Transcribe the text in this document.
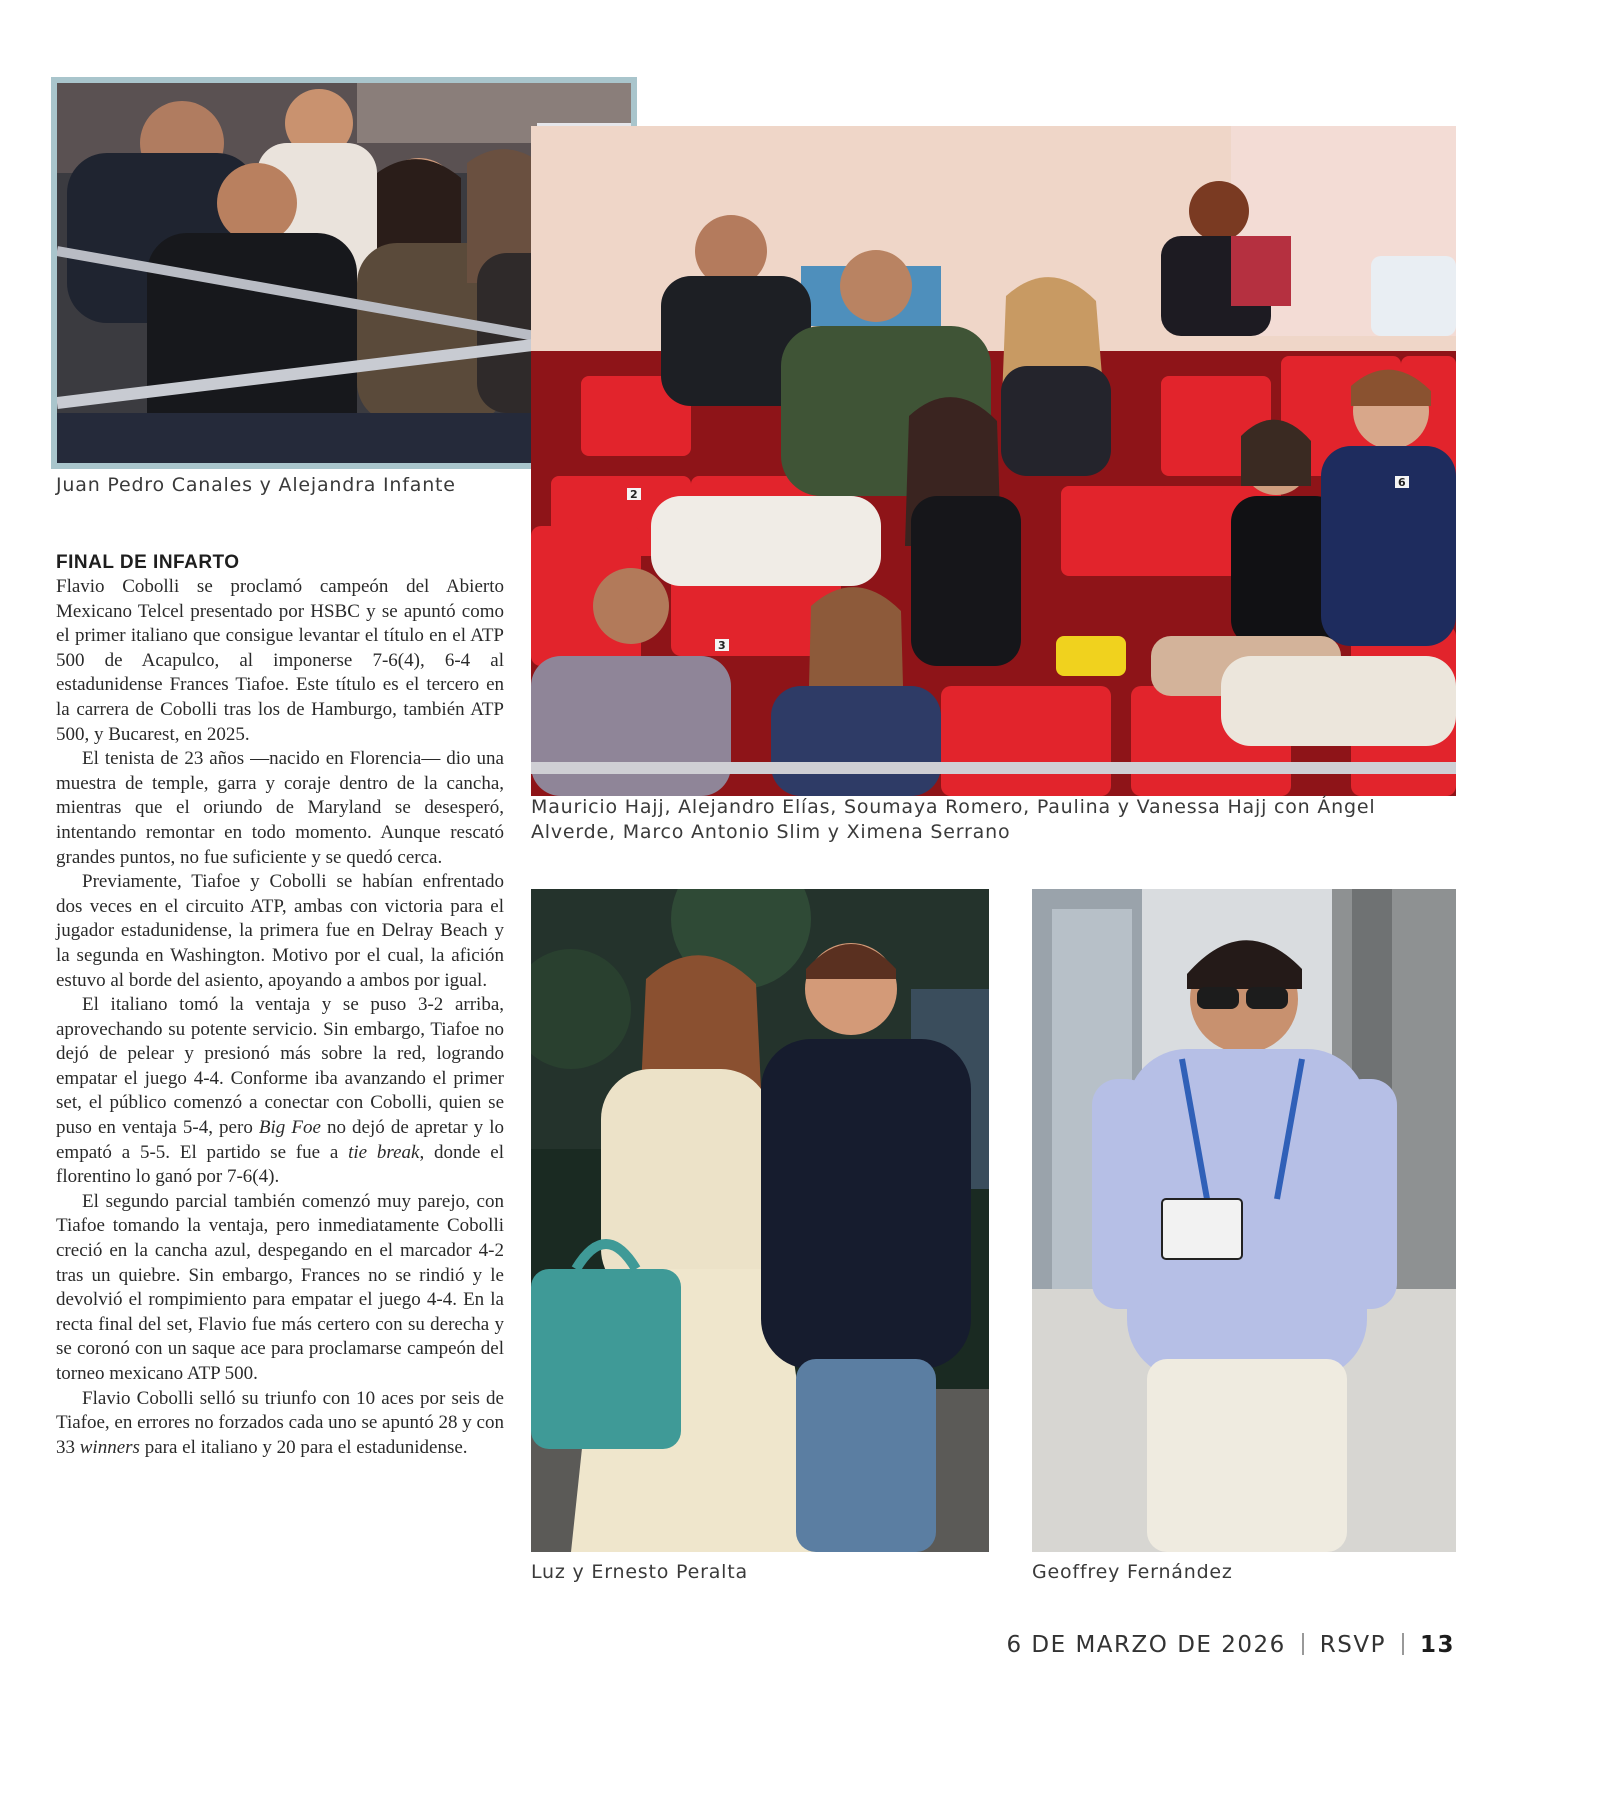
Juan Pedro Canales y Alejandra Infante	2
3
6

Mauricio Hajj, Alejandro Elías, Soumaya Romero, Paulina y Vanessa Hajj con Ángel Alverde, Marco Antonio Slim y Ximena Serrano

Luz y Ernesto Peralta	Geoffrey Fernández

FINAL DE INFARTO

Flavio Cobolli se proclamó campeón del Abierto Mexicano Telcel presentado por HSBC y se apuntó como el primer italiano que consigue levantar el título en el ATP 500 de Acapulco, al imponerse 7-6(4), 6-4 al estadunidense Frances Tiafoe. Este título es el tercero en la carrera de Cobolli tras los de Hamburgo, también ATP 500, y Bucarest, en 2025.

El tenista de 23 años —nacido en Florencia— dio una muestra de temple, garra y coraje dentro de la cancha, mientras que el oriundo de Maryland se desesperó, intentando remontar en todo momento. Aunque rescató grandes puntos, no fue suficiente y se quedó cerca.

Previamente, Tiafoe y Cobolli se habían enfrentado dos veces en el circuito ATP, ambas con victoria para el jugador estadunidense, la primera fue en Delray Beach y la segunda en Washington. Motivo por el cual, la afición estuvo al borde del asiento, apoyando a ambos por igual.

El italiano tomó la ventaja y se puso 3-2 arriba, aprovechando su potente servicio. Sin embargo, Tiafoe no dejó de pelear y presionó más sobre la red, logrando empatar el juego 4-4. Conforme iba avanzando el primer set, el público comenzó a conectar con Cobolli, quien se puso en ventaja 5-4, pero Big Foe no dejó de apretar y lo empató a 5-5. El partido se fue a tie break, donde el florentino lo ganó por 7-6(4).

El segundo parcial también comenzó muy parejo, con Tiafoe tomando la ventaja, pero inmediatamente Cobolli creció en la cancha azul, despegando en el marcador 4-2 tras un quiebre. Sin embargo, Frances no se rindió y le devolvió el rompimiento para empatar el juego 4-4. En la recta final del set, Flavio fue más certero con su derecha y se coronó con un saque ace para proclamarse campeón del torneo mexicano ATP 500.

Flavio Cobolli selló su triunfo con 10 aces por seis de Tiafoe, en errores no forzados cada uno se apuntó 28 y con 33 winners para el italiano y 20 para el estadunidense.

6 DE MARZO DE 2026 RSVP 13
